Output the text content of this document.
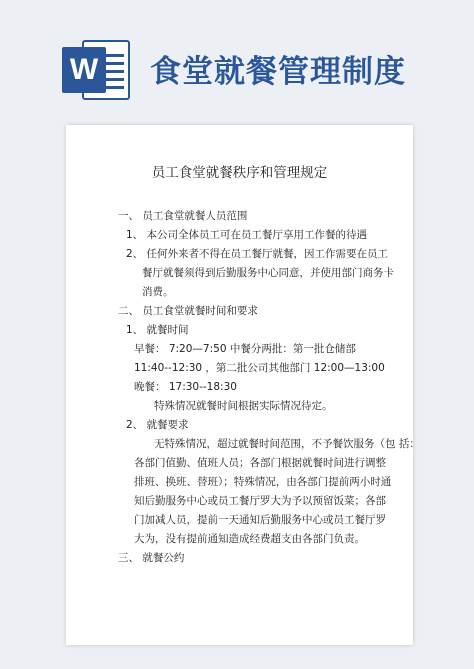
W 食堂就餐管理制度
员工食堂就餐秩序和管理规定
一、 员工食堂就餐人员范围
1、 本公司全体员工可在员工餐厅享用工作餐的待遇
2、 任何外来者不得在员工餐厅就餐，因工作需要在员工
餐厅就餐须得到后勤服务中心同意，并使用部门商务卡
消费。
二、 员工食堂就餐时间和要求
1、 就餐时间
早餐： 7:20—7:50 中餐分两批：第一批仓储部
11:40--12:30 ，第二批公司其他部门 12:00—13:00
晚餐： 17:30--18:30
特殊情况就餐时间根据实际情况待定。
2、 就餐要求
无特殊情况，超过就餐时间范围，不予餐饮服务（包 括：
各部门值勤、值班人员；各部门根据就餐时间进行调整
排班、换班、替班）；特殊情况，由各部门提前两小时通
知后勤服务中心或员工餐厅罗大为予以预留饭菜；各部
门加减人员，提前一天通知后勤服务中心或员工餐厅罗
大为，没有提前通知造成经费超支由各部门负责。
三、 就餐公约
